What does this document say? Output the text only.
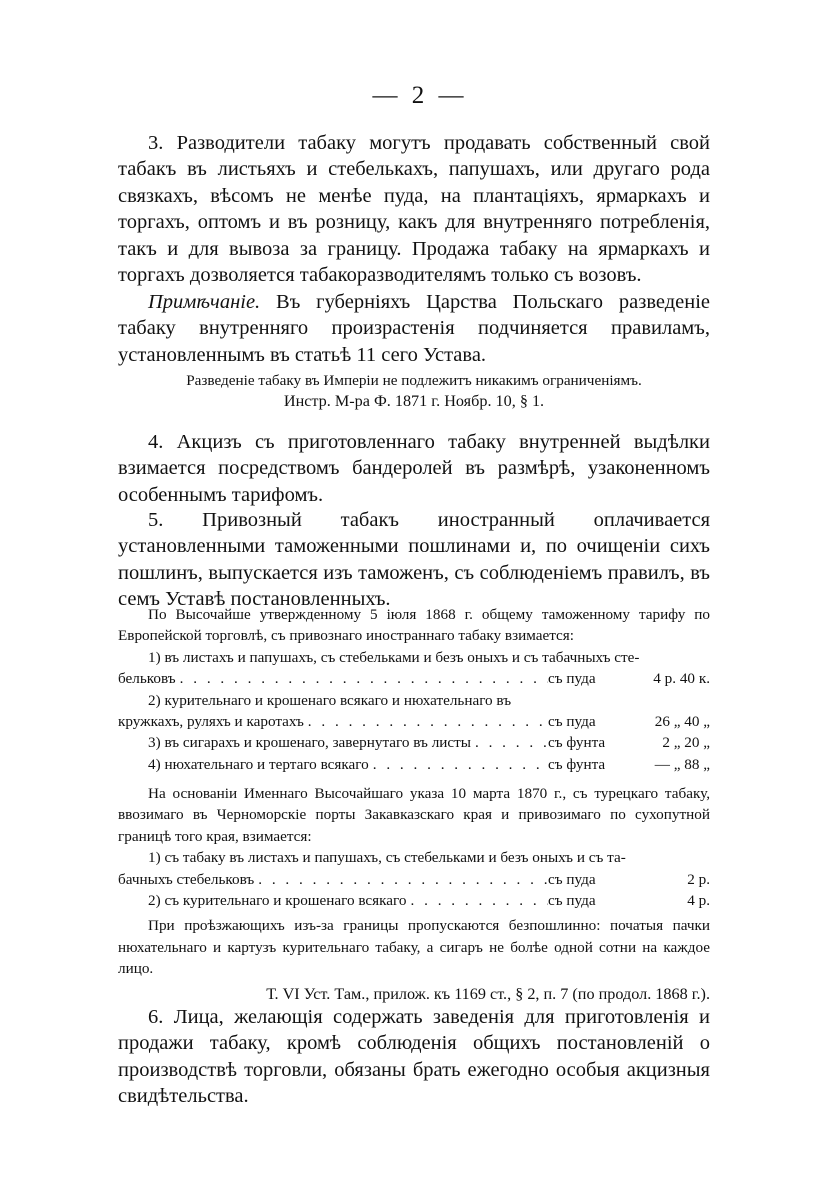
— 2 —

3. Разводители табаку могутъ продавать собственный свой табакъ въ листьяхъ и стебелькахъ, папушахъ, или другаго рода связкахъ, вѣсомъ не менѣе пуда, на плантаціяхъ, ярмаркахъ и торгахъ, оптомъ и въ розницу, какъ для внутренняго потребленія, такъ и для вывоза за границу. Продажа табаку на ярмаркахъ и торгахъ дозволяется табакоразводителямъ только съ возовъ.

Примѣчаніе. Въ губерніяхъ Царства Польскаго разведеніе табаку внутренняго произрастенія подчиняется правиламъ, установленнымъ въ статьѣ 11 сего Устава.

Разведеніе табаку въ Имперіи не подлежитъ никакимъ ограниченіямъ.

Инстр. М-ра Ф. 1871 г. Ноябр. 10, § 1.

4. Акцизъ съ приготовленнаго табаку внутренней выдѣлки взимается посредствомъ бандеролей въ размѣрѣ, узаконенномъ особеннымъ тарифомъ.

5. Привозный табакъ иностранный оплачивается установленными таможенными пошлинами и, по очищеніи сихъ пошлинъ, выпускается изъ таможенъ, съ соблюденіемъ правилъ, въ семъ Уставѣ постановленныхъ.

По Высочайше утвержденному 5 іюля 1868 г. общему таможенному тарифу по Европейской торговлѣ, съ привознаго иностраннаго табаку взимается:

1) въ листахъ и папушахъ, съ стебельками и безъ оныхъ и съ табачныхъ сте-

бельковъ . . .	съ пуда	4 р. 40 к.

2) курительнаго и крошенаго всякаго и нюхательнаго въ

кружкахъ, руляхъ и каротахъ . . .	съ пуда	26 „ 40 „
3) въ сигарахъ и крошенаго, завернутаго въ листы . . .	съ фунта	2 „ 20 „
4) нюхательнаго и тертаго всякаго . . .	съ фунта	— „ 88 „

На основаніи Именнаго Высочайшаго указа 10 марта 1870 г., съ турецкаго табаку, ввозимаго въ Черноморскіе порты Закавказскаго края и привозимаго по сухопутной границѣ того края, взимается:

1) съ табаку въ листахъ и папушахъ, съ стебельками и безъ оныхъ и съ та-

бачныхъ стебельковъ . . .	съ пуда	2 р.
2) съ курительнаго и крошенаго всякаго . . .	съ пуда	4 р.

При проѣзжающихъ изъ-за границы пропускаются безпошлинно: початыя пачки нюхательнаго и картузъ курительнаго табаку, а сигаръ не болѣе одной сотни на каждое лицо.

Т. VI Уст. Там., прилож. къ 1169 ст., § 2, п. 7 (по продол. 1868 г.).

6. Лица, желающія содержать заведенія для приготовленія и продажи табаку, кромѣ соблюденія общихъ постановленій о производствѣ торговли, обязаны брать ежегодно особыя акцизныя свидѣтельства.
